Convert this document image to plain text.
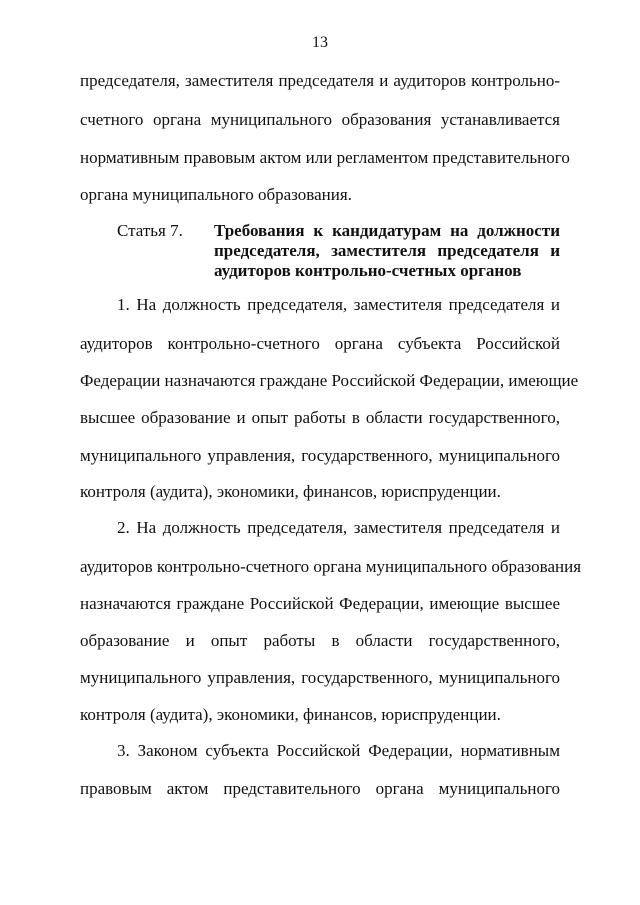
13
председателя, заместителя председателя и аудиторов контрольно-
счетного органа муниципального образования устанавливается
нормативным правовым актом или регламентом представительного
органа муниципального образования.
Статья 7. Требования к кандидатурам на должности
председателя, заместителя председателя и
аудиторов контрольно-счетных органов
1. На должность председателя, заместителя председателя и
аудиторов контрольно-счетного органа субъекта Российской
Федерации назначаются граждане Российской Федерации, имеющие
высшее образование и опыт работы в области государственного,
муниципального управления, государственного, муниципального
контроля (аудита), экономики, финансов, юриспруденции.
2. На должность председателя, заместителя председателя и
аудиторов контрольно-счетного органа муниципального образования
назначаются граждане Российской Федерации, имеющие высшее
образование и опыт работы в области государственного,
муниципального управления, государственного, муниципального
контроля (аудита), экономики, финансов, юриспруденции.
3. Законом субъекта Российской Федерации, нормативным
правовым актом представительного органа муниципального
